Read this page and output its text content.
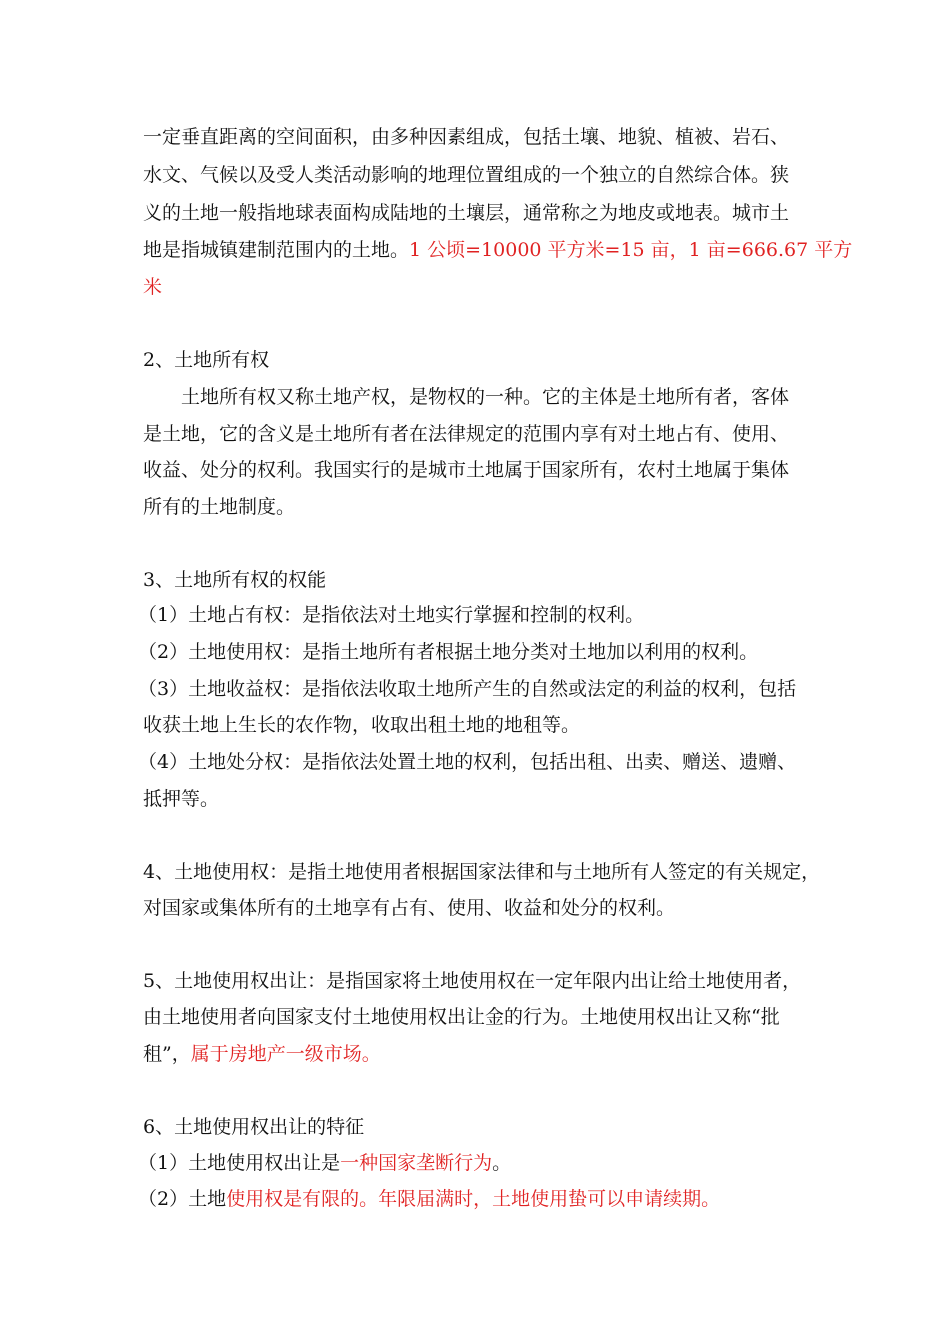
一定垂直距离的空间面积，由多种因素组成，包括土壤、地貌、植被、岩石、
水文、气候以及受人类活动影响的地理位置组成的一个独立的自然综合体。狭
义的土地一般指地球表面构成陆地的土壤层，通常称之为地皮或地表。城市土
地是指城镇建制范围内的土地。1 公顷=10000 平方米=15 亩，1 亩=666.67 平方
米
2、土地所有权
土地所有权又称土地产权，是物权的一种。它的主体是土地所有者，客体
是土地，它的含义是土地所有者在法律规定的范围内享有对土地占有、使用、
收益、处分的权利。我国实行的是城市土地属于国家所有，农村土地属于集体
所有的土地制度。
3、土地所有权的权能
（1）土地占有权：是指依法对土地实行掌握和控制的权利。
（2）土地使用权：是指土地所有者根据土地分类对土地加以利用的权利。
（3）土地收益权：是指依法收取土地所产生的自然或法定的利益的权利，包括
收获土地上生长的农作物，收取出租土地的地租等。
（4）土地处分权：是指依法处置土地的权利，包括出租、出卖、赠送、遗赠、
抵押等。
4、土地使用权：是指土地使用者根据国家法律和与土地所有人签定的有关规定，
对国家或集体所有的土地享有占有、使用、收益和处分的权利。
5、土地使用权出让：是指国家将土地使用权在一定年限内出让给土地使用者，
由土地使用者向国家支付土地使用权出让金的行为。土地使用权出让又称“批
租”，属于房地产一级市场。
6、土地使用权出让的特征
（1）土地使用权出让是一种国家垄断行为。
（2）土地使用权是有限的。年限届满时，土地使用蛰可以申请续期。
